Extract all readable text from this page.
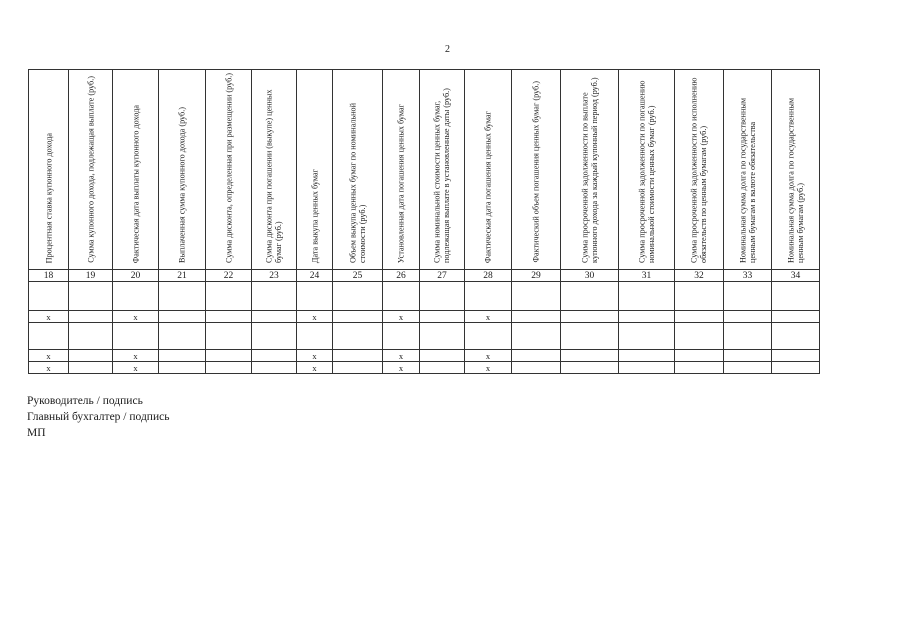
2
Процентная ставка купонного дохода	Сумма купонного дохода, подлежащая выплате (руб.)	Фактическая дата выплаты купонного дохода	Выплаченная сумма купонного дохода (руб.)	Сумма дисконта, определенная при размещении (руб.)	Сумма дисконта при погашении (выкупе) ценных бумаг (руб.)	Дата выкупа ценных бумаг	Объем выкупа ценных бумаг по номинальной стоимости (руб.)	Установленная дата погашения ценных бумаг	Сумма номинальной стоимости ценных бумаг, подлежащая выплате в установленные даты (руб.)	Фактическая дата погашения ценных бумаг	Фактический объем погашения ценных бумаг (руб.)	Сумма просроченной задолженности по выплате купонного дохода за каждый купонный период (руб.)	Сумма просроченной задолженности по погашению номинальной стоимости ценных бумаг (руб.)	Сумма просроченной задолженности по исполнению обязательств по ценным бумагам (руб.)	Номинальная сумма долга по государственным ценным бумагам в валюте обязательства	Номинальная сумма долга по государственным ценным бумагам (руб.)

18	19	20	21	22	23	24	25	26	27	28	29	30	31	32	33	34

x		x				x		x		x						

x		x				x		x		x						
x		x				x		x		x						
Руководитель / подпись
Главный бухгалтер / подпись
МП
